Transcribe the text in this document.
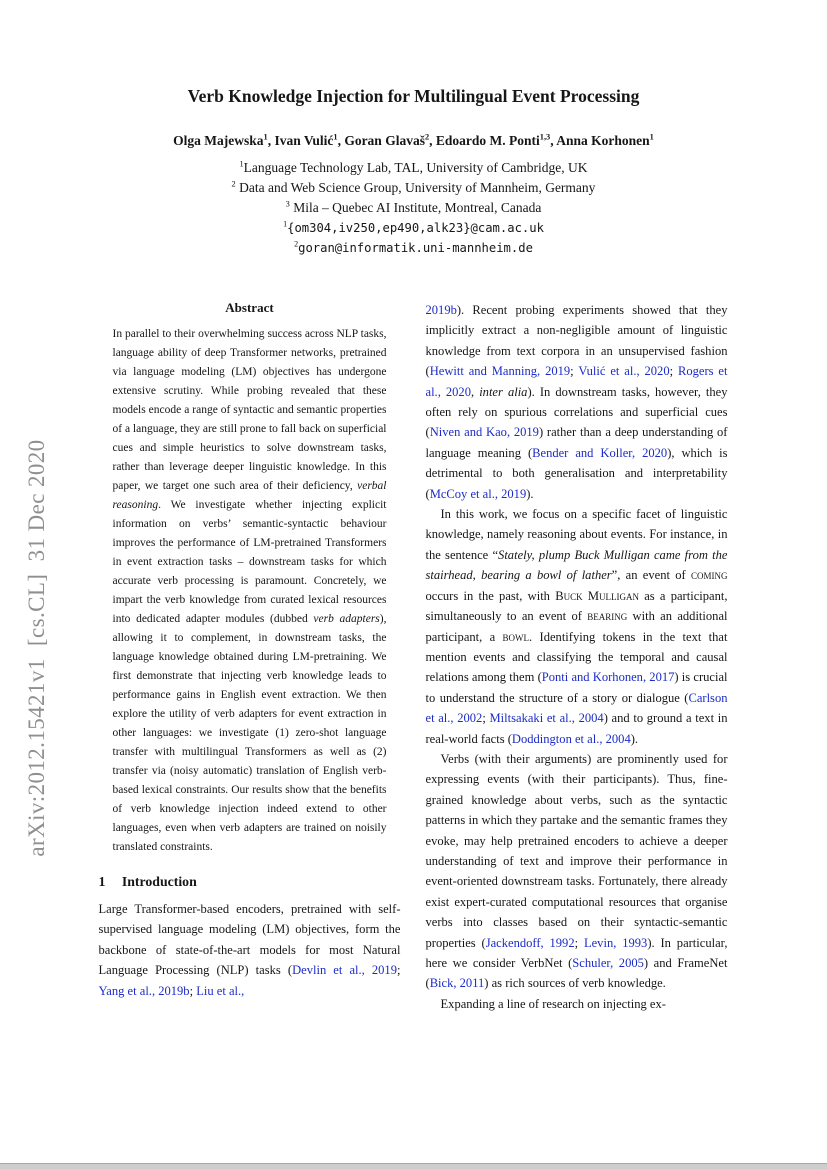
arXiv:2012.15421v1  [cs.CL]  31 Dec 2020
Verb Knowledge Injection for Multilingual Event Processing
Olga Majewska$^1$, Ivan Vulić$^1$, Goran Glavaš$^2$, Edoardo M. Ponti$^{1,3}$, Anna Korhonen$^1$
$^1$Language Technology Lab, TAL, University of Cambridge, UK
$^2$ Data and Web Science Group, University of Mannheim, Germany
$^3$ Mila – Quebec AI Institute, Montreal, Canada
$^1${om304,iv250,ep490,alk23}@cam.ac.uk
$^2$goran@informatik.uni-mannheim.de
Abstract

In parallel to their overwhelming success across NLP tasks, language ability of deep Transformer networks, pretrained via language modeling (LM) objectives has undergone extensive scrutiny. While probing revealed that these models encode a range of syntactic and semantic properties of a language, they are still prone to fall back on superficial cues and simple heuristics to solve downstream tasks, rather than leverage deeper linguistic knowledge. In this paper, we target one such area of their deficiency, verbal reasoning. We investigate whether injecting explicit information on verbs’ semantic-syntactic behaviour improves the performance of LM-pretrained Transformers in event extraction tasks – downstream tasks for which accurate verb processing is paramount. Concretely, we impart the verb knowledge from curated lexical resources into dedicated adapter modules (dubbed verb adapters), allowing it to complement, in downstream tasks, the language knowledge obtained during LM-pretraining. We first demonstrate that injecting verb knowledge leads to performance gains in English event extraction. We then explore the utility of verb adapters for event extraction in other languages: we investigate (1) zero-shot language transfer with multilingual Transformers as well as (2) transfer via (noisy automatic) translation of English verb-based lexical constraints. Our results show that the benefits of verb knowledge injection indeed extend to other languages, even when verb adapters are trained on noisily translated constraints.

1 Introduction

Large Transformer-based encoders, pretrained with self-supervised language modeling (LM) objectives, form the backbone of state-of-the-art models for most Natural Language Processing (NLP) tasks (Devlin et al., 2019; Yang et al., 2019b; Liu et al.,

2019b). Recent probing experiments showed that they implicitly extract a non-negligible amount of linguistic knowledge from text corpora in an unsupervised fashion (Hewitt and Manning, 2019; Vulić et al., 2020; Rogers et al., 2020, inter alia). In downstream tasks, however, they often rely on spurious correlations and superficial cues (Niven and Kao, 2019) rather than a deep understanding of language meaning (Bender and Koller, 2020), which is detrimental to both generalisation and interpretability (McCoy et al., 2019).

In this work, we focus on a specific facet of linguistic knowledge, namely reasoning about events. For instance, in the sentence “Stately, plump Buck Mulligan came from the stairhead, bearing a bowl of lather”, an event of coming occurs in the past, with Buck Mulligan as a participant, simultaneously to an event of bearing with an additional participant, a bowl. Identifying tokens in the text that mention events and classifying the temporal and causal relations among them (Ponti and Korhonen, 2017) is crucial to understand the structure of a story or dialogue (Carlson et al., 2002; Miltsakaki et al., 2004) and to ground a text in real-world facts (Doddington et al., 2004).

Verbs (with their arguments) are prominently used for expressing events (with their participants). Thus, fine-grained knowledge about verbs, such as the syntactic patterns in which they partake and the semantic frames they evoke, may help pretrained encoders to achieve a deeper understanding of text and improve their performance in event-oriented downstream tasks. Fortunately, there already exist expert-curated computational resources that organise verbs into classes based on their syntactic-semantic properties (Jackendoff, 1992; Levin, 1993). In particular, here we consider VerbNet (Schuler, 2005) and FrameNet (Bick, 2011) as rich sources of verb knowledge.

Expanding a line of research on injecting ex-
